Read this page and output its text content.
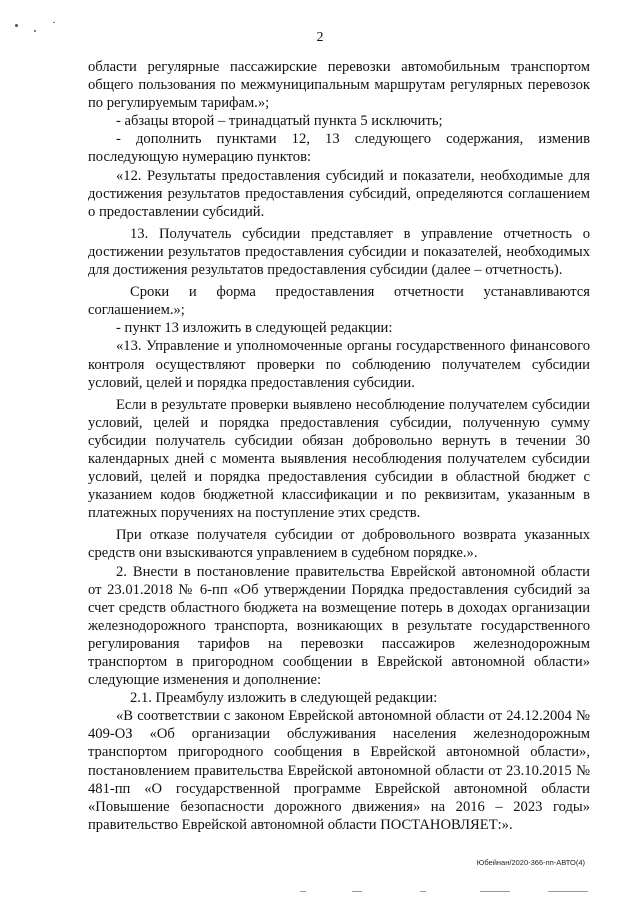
2

области регулярные пассажирские перевозки автомобильным транспортом общего пользования по межмуниципальным маршрутам регулярных перевозок по регулируемым тарифам.»;

- абзацы второй – тринадцатый пункта 5 исключить;

- дополнить пунктами 12, 13 следующего содержания, изменив последующую нумерацию пунктов:

«12. Результаты предоставления субсидий и показатели, необходимые для достижения результатов предоставления субсидий, определяются соглашением о предоставлении субсидий.

13. Получатель субсидии представляет в управление отчетность о достижении результатов предоставления субсидии и показателей, необходимых для достижения результатов предоставления субсидии (далее – отчетность).

Сроки и форма предоставления отчетности устанавливаются соглашением.»;

- пункт 13 изложить в следующей редакции:

«13. Управление и уполномоченные органы государственного финансового контроля осуществляют проверки по соблюдению получателем субсидии условий, целей и порядка предоставления субсидии.

Если в результате проверки выявлено несоблюдение получателем субсидии условий, целей и порядка предоставления субсидии, полученную сумму субсидии получатель субсидии обязан добровольно вернуть в течении 30 календарных дней с момента выявления несоблюдения получателем субсидии условий, целей и порядка предоставления субсидии в областной бюджет с указанием кодов бюджетной классификации и по реквизитам, указанным в платежных поручениях на поступление этих средств.

При отказе получателя субсидии от добровольного возврата указанных средств они взыскиваются управлением в судебном порядке.».

2. Внести в постановление правительства Еврейской автономной области от 23.01.2018 № 6-пп «Об утверждении Порядка предоставления субсидий за счет средств областного бюджета на возмещение потерь в доходах организации железнодорожного транспорта, возникающих в результате государственного регулирования тарифов на перевозки пассажиров железнодорожным транспортом в пригородном сообщении в Еврейской автономной области» следующие изменения и дополнение:

2.1. Преамбулу изложить в следующей редакции:

«В соответствии с законом Еврейской автономной области от 24.12.2004 № 409-ОЗ «Об организации обслуживания населения железнодорожным транспортом пригородного сообщения в Еврейской автономной области», постановлением правительства Еврейской автономной области от 23.10.2015 № 481-пп «О государственной программе Еврейской автономной области «Повышение безопасности дорожного движения» на 2016 – 2023 годы» правительство Еврейской автономной области ПОСТАНОВЛЯЕТ:».

Юбейнан/2020-366-пп-АВТО(4)
